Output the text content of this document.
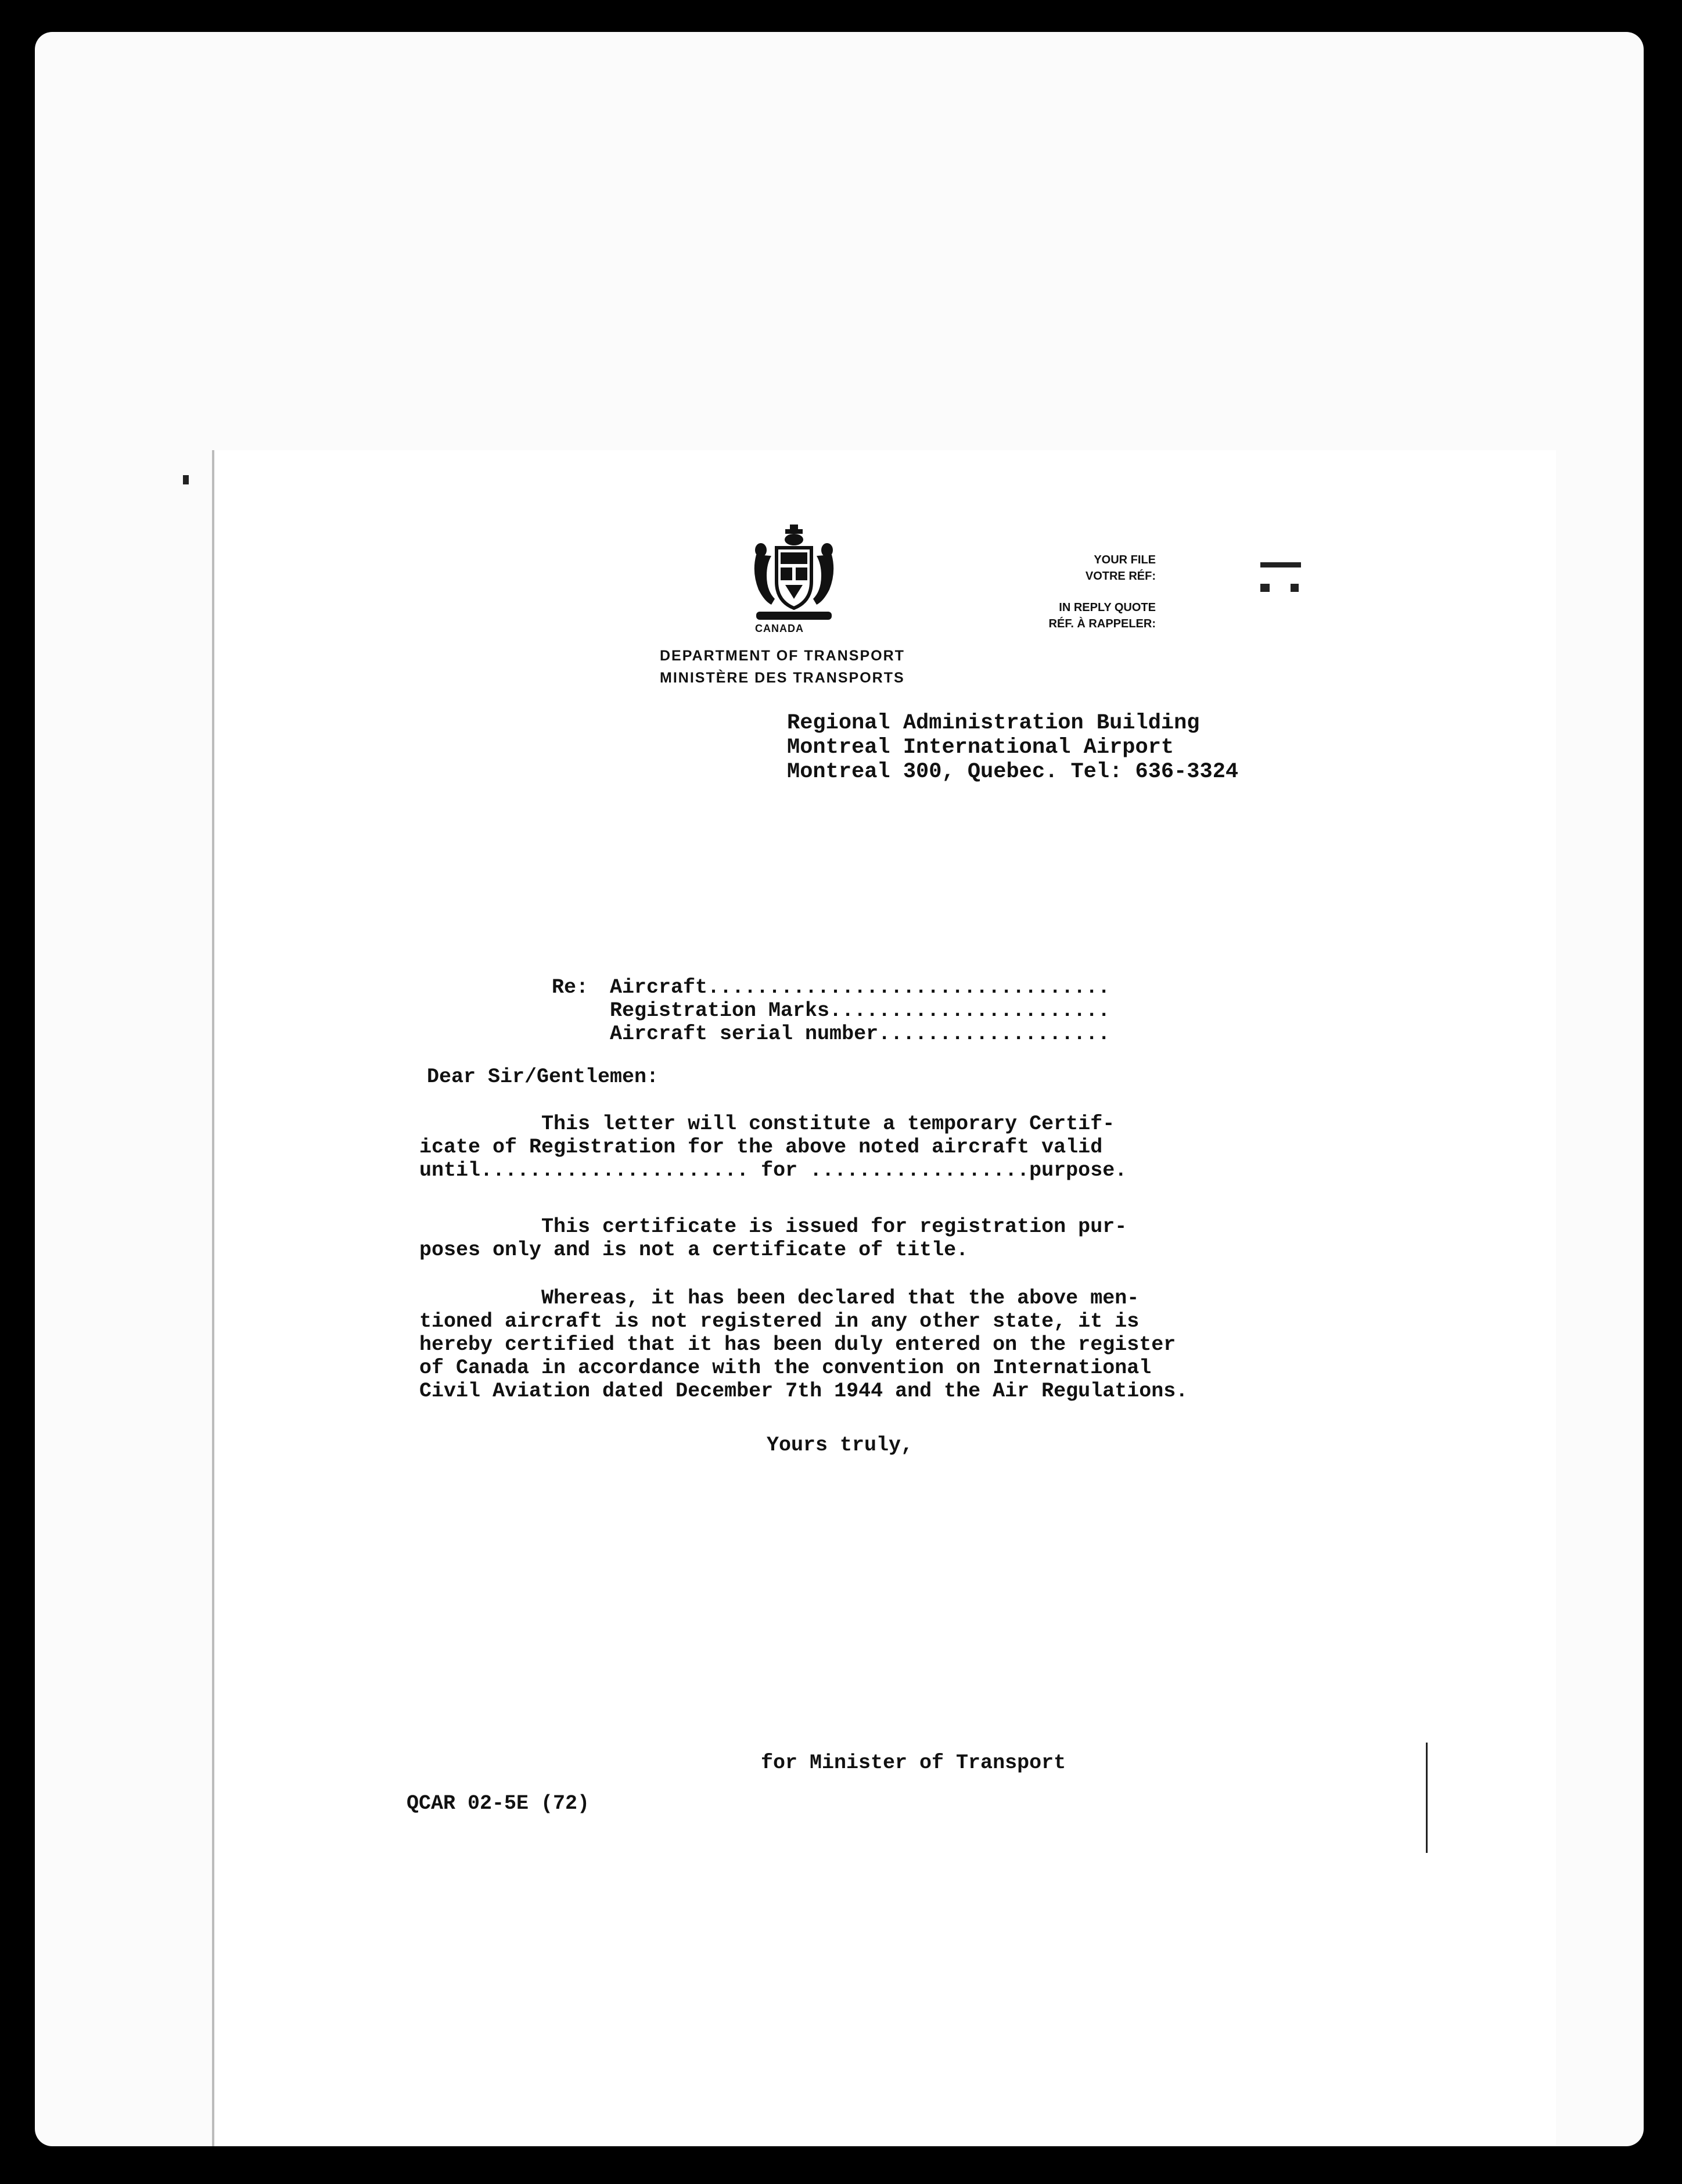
CANADA
DEPARTMENT OF TRANSPORT
MINISTÈRE DES TRANSPORTS
YOUR FILE
VOTRE RÉF:
IN REPLY QUOTE
RÉF. À RAPPELER:
Regional Administration Building
Montreal International Airport
Montreal 300, Quebec. Tel: 636-3324
Re: Aircraft.................................
Registration Marks.......................
Aircraft serial number...................
Dear Sir/Gentlemen:
This letter will constitute a temporary Certif-
icate of Registration for the above noted aircraft valid
until...................... for ..................purpose.
This certificate is issued for registration pur-
poses only and is not a certificate of title.
Whereas, it has been declared that the above men-
tioned aircraft is not registered in any other state, it is
hereby certified that it has been duly entered on the register
of Canada in accordance with the convention on International
Civil Aviation dated December 7th 1944 and the Air Regulations.
Yours truly,
for Minister of Transport
QCAR 02-5E (72)
